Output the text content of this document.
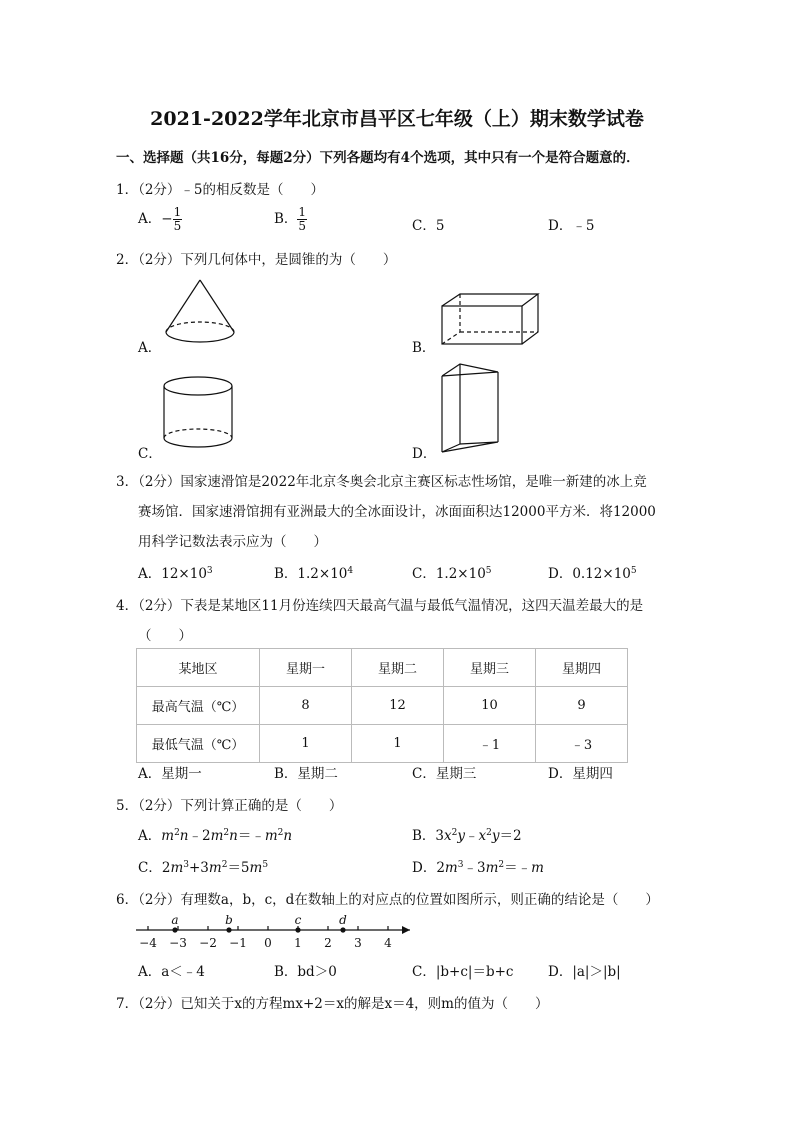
2021-2022学年北京市昌平区七年级（上）期末数学试卷
一、选择题（共16分，每题2分）下列各题均有4个选项，其中只有一个是符合题意的．
1．（2分）﹣5的相反数是（　　）
A．− $\frac{1}{5}$	B． $\frac{1}{5}$	C．5	D．﹣5
2．（2分）下列几何体中，是圆锥的为（　　）
A．	B．
C．	D．
3．（2分）国家速滑馆是2022年北京冬奥会北京主赛区标志性场馆，是唯一新建的冰上竞
赛场馆．国家速滑馆拥有亚洲最大的全冰面设计，冰面面积达12000平方米．将12000
用科学记数法表示应为（　　）
A．$12\times 10^3$	B．$1.2\times 10^4$	C．$1.2\times 10^5$	D．$0.12\times 10^5$
4．（2分）下表是某地区11月份连续四天最高气温与最低气温情况，这四天温差最大的是
（　　）
某地区	星期一	星期二	星期三	星期四
最高气温（℃）	8	12	10	9
最低气温（℃）	1	1	﹣1	﹣3
A．星期一	B．星期二	C．星期三	D．星期四
5．（2分）下列计算正确的是（　　）
A．$m^2n﹣2m^2n=﹣m^2n$	B．$3x^2y﹣x^2y=2$
C．$2m^3+3m^2=5m^5$	D．$2m^3﹣3m^2=﹣m$
6．（2分）有理数a，b，c，d在数轴上的对应点的位置如图所示，则正确的结论是（　　）
−4 −3 −2 −1 0 1 2 3 4
a	b	c	d
A．a＜﹣4	B．bd＞0	C．|b+c|＝b+c	D．|a|＞|b|
7．（2分）已知关于x的方程mx+2＝x的解是x＝4，则m的值为（　　）
